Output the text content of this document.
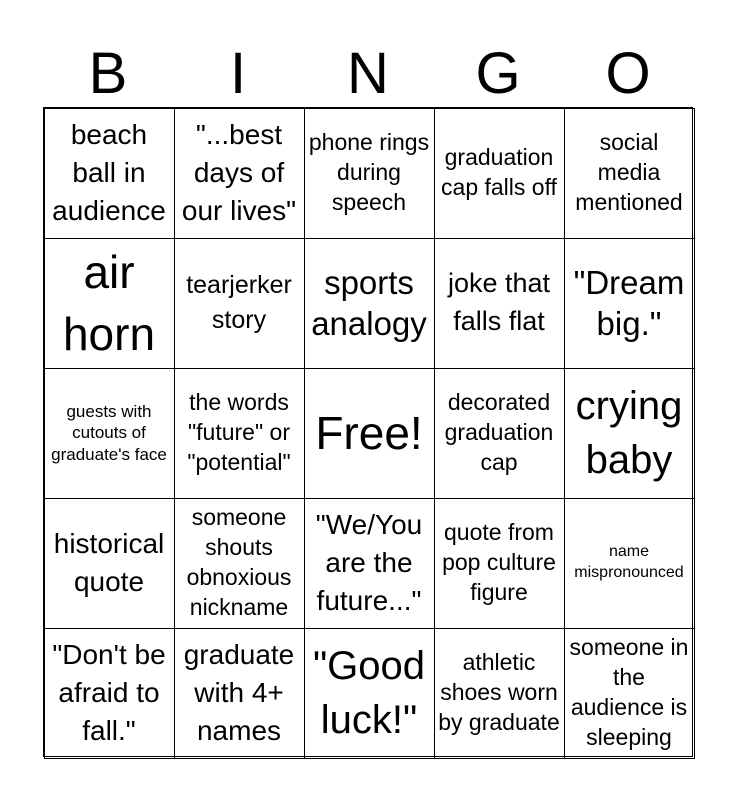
B	I	N	G	O
beach ball in audience
"...best days of our lives"
phone rings during speech
graduation cap falls off
social media mentioned
air horn
tearjerker story
sports analogy
joke that falls flat
"Dream big."
guests with cutouts of graduate's face
the words "future" or "potential"
Free!
decorated graduation cap
crying baby
historical quote
someone shouts obnoxious nickname
"We/You are the future..."
quote from pop culture figure
name mispronounced
"Don't be afraid to fall."
graduate with 4+ names
"Good luck!"
athletic shoes worn by graduate
someone in the audience is sleeping
